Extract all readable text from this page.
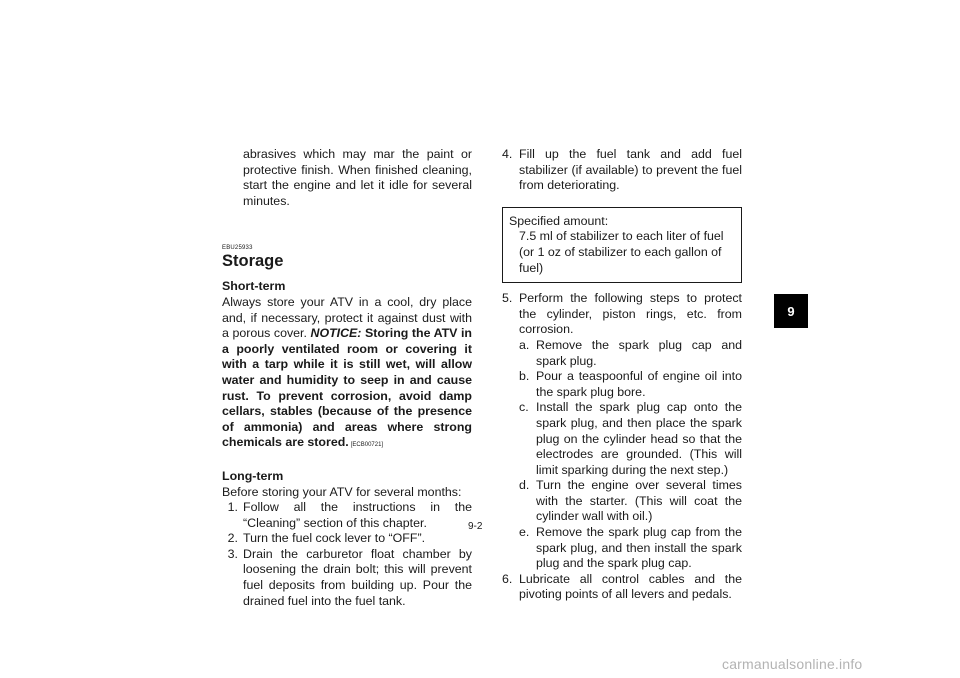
abrasives which may mar the paint or protective finish. When finished cleaning, start the engine and let it idle for several minutes.

EBU25933
Storage
Short-term

Always store your ATV in a cool, dry place and, if necessary, protect it against dust with a porous cover. NOTICE: Storing the ATV in a poorly ventilated room or covering it with a tarp while it is still wet, will allow water and humidity to seep in and cause rust. To prevent corrosion, avoid damp cellars, stables (because of the presence of ammonia) and areas where strong chemicals are stored. [ECB00721]

Long-term

Before storing your ATV for several months:

1. Follow all the instructions in the “Cleaning” section of this chapter.
2. Turn the fuel cock lever to “OFF”.
3. Drain the carburetor float chamber by loosening the drain bolt; this will prevent fuel deposits from building up. Pour the drained fuel into the fuel tank.
4. Fill up the fuel tank and add fuel stabilizer (if available) to prevent the fuel from deteriorating.
Specified amount:
7.5 ml of stabilizer to each liter of fuel (or 1 oz of stabilizer to each gallon of fuel)
5. Perform the following steps to protect the cylinder, piston rings, etc. from corrosion.
a. Remove the spark plug cap and spark plug.
b. Pour a teaspoonful of engine oil into the spark plug bore.
c. Install the spark plug cap onto the spark plug, and then place the spark plug on the cylinder head so that the electrodes are grounded. (This will limit sparking during the next step.)
d. Turn the engine over several times with the starter. (This will coat the cylinder wall with oil.)
e. Remove the spark plug cap from the spark plug, and then install the spark plug and the spark plug cap.
6. Lubricate all control cables and the pivoting points of all levers and pedals.
9-2
9
carmanualsonline.info
